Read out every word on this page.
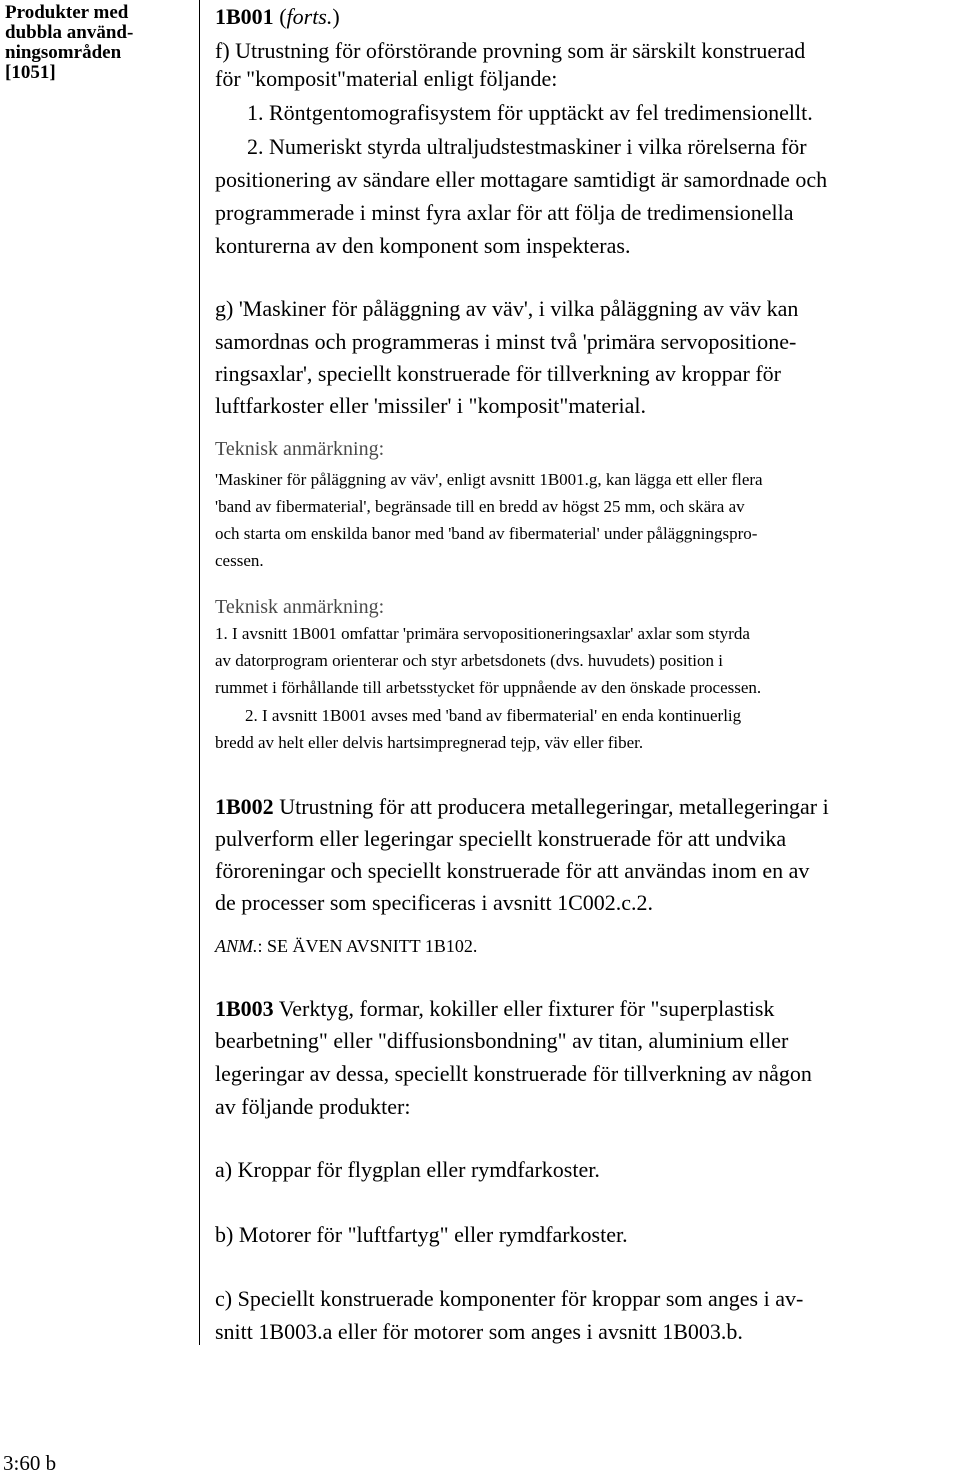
Produkter med
dubbla använd-
ningsområden
[1051]
3:60 b
1B001 (forts.)
f) Utrustning för oförstörande provning som är särskilt konstruerad
för "komposit"material enligt följande:
1. Röntgentomografisystem för upptäckt av fel tredimensionellt.
2. Numeriskt styrda ultraljudstestmaskiner i vilka rörelserna för
positionering av sändare eller mottagare samtidigt är samordnade och
programmerade i minst fyra axlar för att följa de tredimensionella
konturerna av den komponent som inspekteras.
g) 'Maskiner för påläggning av väv', i vilka påläggning av väv kan
samordnas och programmeras i minst två 'primära servopositione-
ringsaxlar', speciellt konstruerade för tillverkning av kroppar för
luftfarkoster eller 'missiler' i "komposit"material.
Teknisk anmärkning:
'Maskiner för påläggning av väv', enligt avsnitt 1B001.g, kan lägga ett eller flera
'band av fibermaterial', begränsade till en bredd av högst 25 mm, och skära av
och starta om enskilda banor med 'band av fibermaterial' under påläggningspro-
cessen.
Teknisk anmärkning:
1. I avsnitt 1B001 omfattar 'primära servopositioneringsaxlar' axlar som styrda
av datorprogram orienterar och styr arbetsdonets (dvs. huvudets) position i
rummet i förhållande till arbetsstycket för uppnående av den önskade processen.
2. I avsnitt 1B001 avses med 'band av fibermaterial' en enda kontinuerlig
bredd av helt eller delvis hartsimpregnerad tejp, väv eller fiber.
1B002 Utrustning för att producera metallegeringar, metallegeringar i
pulverform eller legeringar speciellt konstruerade för att undvika
föroreningar och speciellt konstruerade för att användas inom en av
de processer som specificeras i avsnitt 1C002.c.2.
ANM.: SE ÄVEN AVSNITT 1B102.
1B003 Verktyg, formar, kokiller eller fixturer för "superplastisk
bearbetning" eller "diffusionsbondning" av titan, aluminium eller
legeringar av dessa, speciellt konstruerade för tillverkning av någon
av följande produkter:
a) Kroppar för flygplan eller rymdfarkoster.
b) Motorer för "luftfartyg" eller rymdfarkoster.
c) Speciellt konstruerade komponenter för kroppar som anges i av-
snitt 1B003.a eller för motorer som anges i avsnitt 1B003.b.
